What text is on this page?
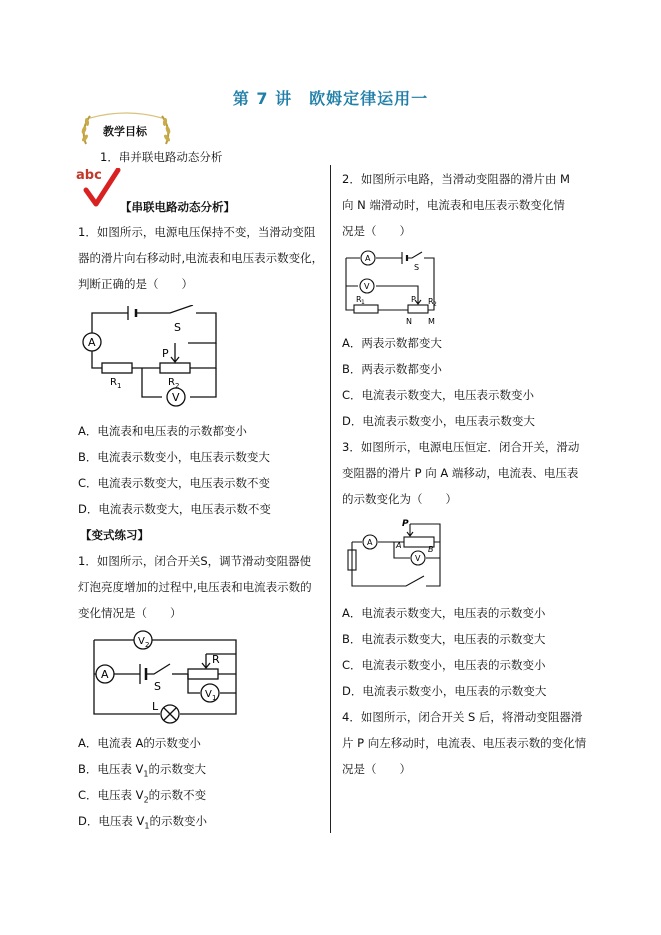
第 7 讲　欧姆定律运用一
教学目标
1．串并联电路动态分析
abc
【串联电路动态分析】
1．如图所示，电源电压保持不变，当滑动变阻
器的滑片向右移动时,电流表和电压表示数变化，
判断正确的是（　　）
A
S
P
R 1	R 2
V
A．电流表和电压表的示数都变小
B．电流表示数变小，电压表示数变大
C．电流表示数变大，电压表示数不变
D．电流表示数变大，电压表示数不变
【变式练习】
1．如图所示，闭合开关S，调节滑动变阻器使
灯泡亮度增加的过程中,电压表和电流表示数的
变化情况是（　　）
V 2
A
S
R
V 1
L
A．电流表 A的示数变小
B．电压表 $V_1$的示数变大
C．电压表 $V_2$的示数不变
D．电压表 $V_1$的示数变小
2．如图所示电路，当滑动变阻器的滑片由 M
向 N 端滑动时，电流表和电压表示数变化情
况是（　　）
A
S
V
R 1	P R 2
N M
A．两表示数都变大
B．两表示数都变小
C．电流表示数变大，电压表示数变小
D．电流表示数变小，电压表示数变大
3．如图所示，电源电压恒定．闭合开关，滑动
变阻器的滑片 P 向 A 端移动，电流表、电压表
的示数变化为（　　）
P
A	A	B
V
A．电流表示数变大，电压表的示数变小
B．电流表示数变大，电压表的示数变大
C．电流表示数变小，电压表的示数变小
D．电流表示数变小，电压表的示数变大
4．如图所示，闭合开关 S 后，将滑动变阻器滑
片 P 向左移动时，电流表、电压表示数的变化情
况是（　　）
